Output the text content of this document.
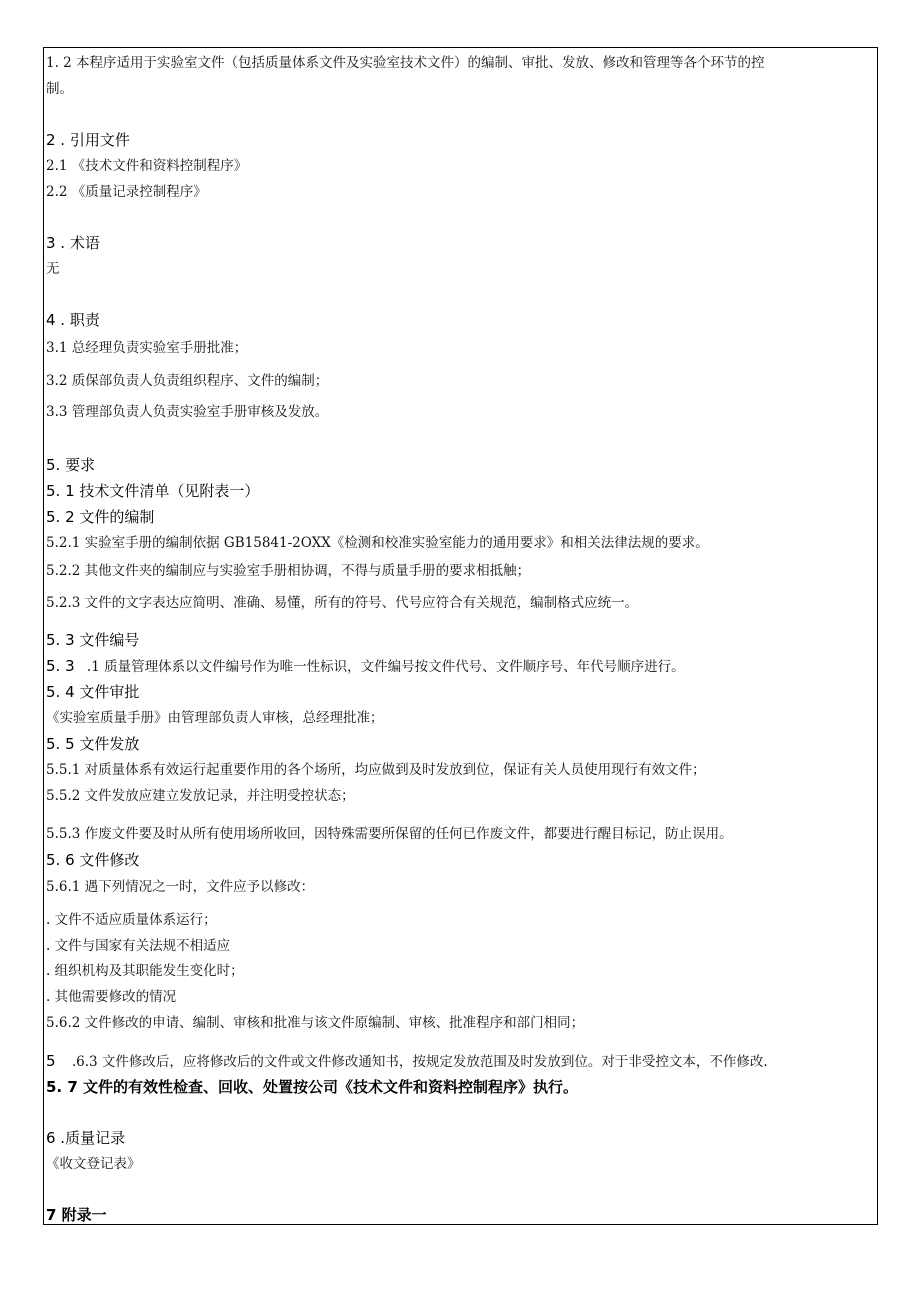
1. 2 本程序适用于实验室文件（包括质量体系文件及实验室技术文件）的编制、审批、发放、修改和管理等各个环节的控
制。
2 . 引用文件
2.1 《技术文件和资料控制程序》
2.2 《质量记录控制程序》
3 . 术语
无
4 . 职责
3.1 总经理负责实验室手册批准；
3.2 质保部负责人负责组织程序、文件的编制；
3.3 管理部负责人负责实验室手册审核及发放。
5. 要求
5. 1 技术文件清单（见附表一）
5. 2 文件的编制
5.2.1 实验室手册的编制依据 GB15841-2OXX《检测和校准实验室能力的通用要求》和相关法律法规的要求。
5.2.2 其他文件夹的编制应与实验室手册相协调，不得与质量手册的要求相抵触；
5.2.3 文件的文字表达应简明、准确、易懂，所有的符号、代号应符合有关规范，编制格式应统一。
5. 3 文件编号
5. 3 .1 质量管理体系以文件编号作为唯一性标识，文件编号按文件代号、文件顺序号、年代号顺序进行。
5. 4 文件审批
《实验室质量手册》由管理部负责人审核，总经理批准；
5. 5 文件发放
5.5.1 对质量体系有效运行起重要作用的各个场所，均应做到及时发放到位，保证有关人员使用现行有效文件；
5.5.2 文件发放应建立发放记录，并注明受控状态；
5.5.3 作废文件要及时从所有使用场所收回，因特殊需要所保留的任何已作废文件，都要进行醒目标记，防止误用。
5. 6 文件修改
5.6.1 遇下列情况之一时，文件应予以修改：
. 文件不适应质量体系运行；
. 文件与国家有关法规不相适应
. 组织机构及其职能发生变化时；
. 其他需要修改的情况
5.6.2 文件修改的申请、编制、审核和批准与该文件原编制、审核、批准程序和部门相同；
5 .6.3 文件修改后，应将修改后的文件或文件修改通知书，按规定发放范围及时发放到位。对于非受控文本，不作修改.
5. 7 文件的有效性检查、回收、处置按公司《技术文件和资料控制程序》执行。
6 .质量记录
《收文登记表》
7 附录一
